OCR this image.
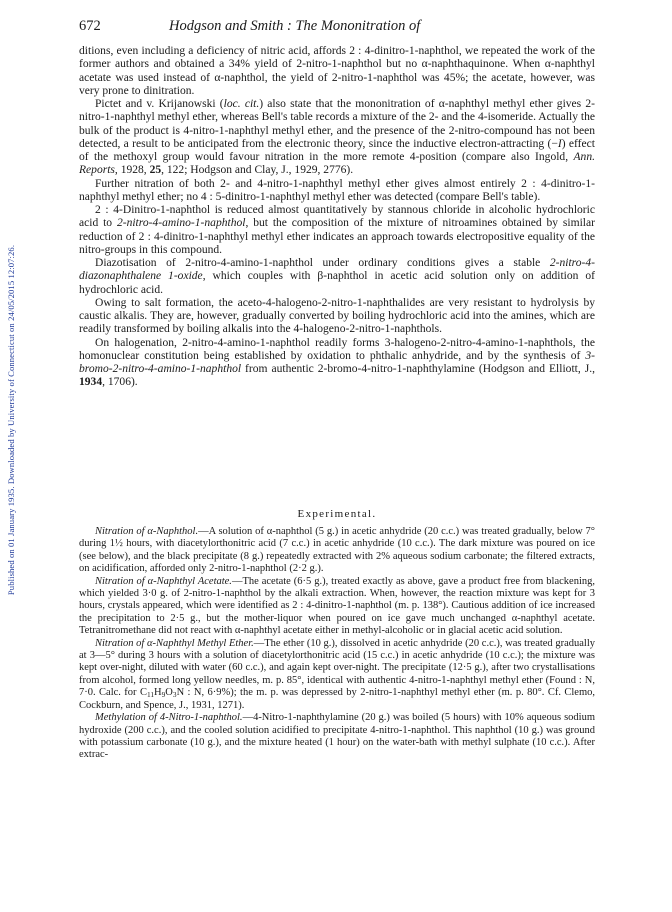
Published on 01 January 1935. Downloaded by University of Connecticut on 24/05/2015 12:07:26.
672	Hodgson and Smith : The Mononitration of

ditions, even including a deficiency of nitric acid, affords 2 : 4-dinitro-1-naphthol, we repeated the work of the former authors and obtained a 34% yield of 2-nitro-1-naphthol but no α-naphthaquinone. When α-naphthyl acetate was used instead of α-naphthol, the yield of 2-nitro-1-naphthol was 45%; the acetate, however, was very prone to dinitration.

Pictet and v. Krijanowski (loc. cit.) also state that the mononitration of α-naphthyl methyl ether gives 2-nitro-1-naphthyl methyl ether, whereas Bell's table records a mixture of the 2- and the 4-isomeride. Actually the bulk of the product is 4-nitro-1-naphthyl methyl ether, and the presence of the 2-nitro-compound has not been detected, a result to be anticipated from the electronic theory, since the inductive electron-attracting (−I) effect of the methoxyl group would favour nitration in the more remote 4-position (compare also Ingold, Ann. Reports, 1928, 25, 122; Hodgson and Clay, J., 1929, 2776).

Further nitration of both 2- and 4-nitro-1-naphthyl methyl ether gives almost entirely 2 : 4-dinitro-1-naphthyl methyl ether; no 4 : 5-dinitro-1-naphthyl methyl ether was detected (compare Bell's table).

2 : 4-Dinitro-1-naphthol is reduced almost quantitatively by stannous chloride in alcoholic hydrochloric acid to 2-nitro-4-amino-1-naphthol, but the composition of the mixture of nitroamines obtained by similar reduction of 2 : 4-dinitro-1-naphthyl methyl ether indicates an approach towards electropositive equality of the nitro-groups in this compound.

Diazotisation of 2-nitro-4-amino-1-naphthol under ordinary conditions gives a stable 2-nitro-4-diazonaphthalene 1-oxide, which couples with β-naphthol in acetic acid solution only on addition of hydrochloric acid.

Owing to salt formation, the aceto-4-halogeno-2-nitro-1-naphthalides are very resistant to hydrolysis by caustic alkalis. They are, however, gradually converted by boiling hydrochloric acid into the amines, which are readily transformed by boiling alkalis into the 4-halogeno-2-nitro-1-naphthols.

On halogenation, 2-nitro-4-amino-1-naphthol readily forms 3-halogeno-2-nitro-4-amino-1-naphthols, the homonuclear constitution being established by oxidation to phthalic anhydride, and by the synthesis of 3-bromo-2-nitro-4-amino-1-naphthol from authentic 2-bromo-4-nitro-1-naphthylamine (Hodgson and Elliott, J., 1934, 1706).

Experimental.

Nitration of α-Naphthol.—A solution of α-naphthol (5 g.) in acetic anhydride (20 c.c.) was treated gradually, below 7° during 1½ hours, with diacetylorthonitric acid (7 c.c.) in acetic anhydride (10 c.c.). The dark mixture was poured on ice (see below), and the black precipitate (8 g.) repeatedly extracted with 2% aqueous sodium carbonate; the filtered extracts, on acidification, afforded only 2-nitro-1-naphthol (2·2 g.).

Nitration of α-Naphthyl Acetate.—The acetate (6·5 g.), treated exactly as above, gave a product free from blackening, which yielded 3·0 g. of 2-nitro-1-naphthol by the alkali extraction. When, however, the reaction mixture was kept for 3 hours, crystals appeared, which were identified as 2 : 4-dinitro-1-naphthol (m. p. 138°). Cautious addition of ice increased the precipitation to 2·5 g., but the mother-liquor when poured on ice gave much unchanged α-naphthyl acetate. Tetranitromethane did not react with α-naphthyl acetate either in methyl-alcoholic or in glacial acetic acid solution.

Nitration of α-Naphthyl Methyl Ether.—The ether (10 g.), dissolved in acetic anhydride (20 c.c.), was treated gradually at 3—5° during 3 hours with a solution of diacetylorthonitric acid (15 c.c.) in acetic anhydride (10 c.c.); the mixture was kept over-night, diluted with water (60 c.c.), and again kept over-night. The precipitate (12·5 g.), after two crystallisations from alcohol, formed long yellow needles, m. p. 85°, identical with authentic 4-nitro-1-naphthyl methyl ether (Found : N, 7·0. Calc. for $C_{11}H_9O_3N$ : N, 6·9%); the m. p. was depressed by 2-nitro-1-naphthyl methyl ether (m. p. 80°. Cf. Clemo, Cockburn, and Spence, J., 1931, 1271).

Methylation of 4-Nitro-1-naphthol.—4-Nitro-1-naphthylamine (20 g.) was boiled (5 hours) with 10% aqueous sodium hydroxide (200 c.c.), and the cooled solution acidified to precipitate 4-nitro-1-naphthol. This naphthol (10 g.) was ground with potassium carbonate (10 g.), and the mixture heated (1 hour) on the water-bath with methyl sulphate (10 c.c.). After extrac-
